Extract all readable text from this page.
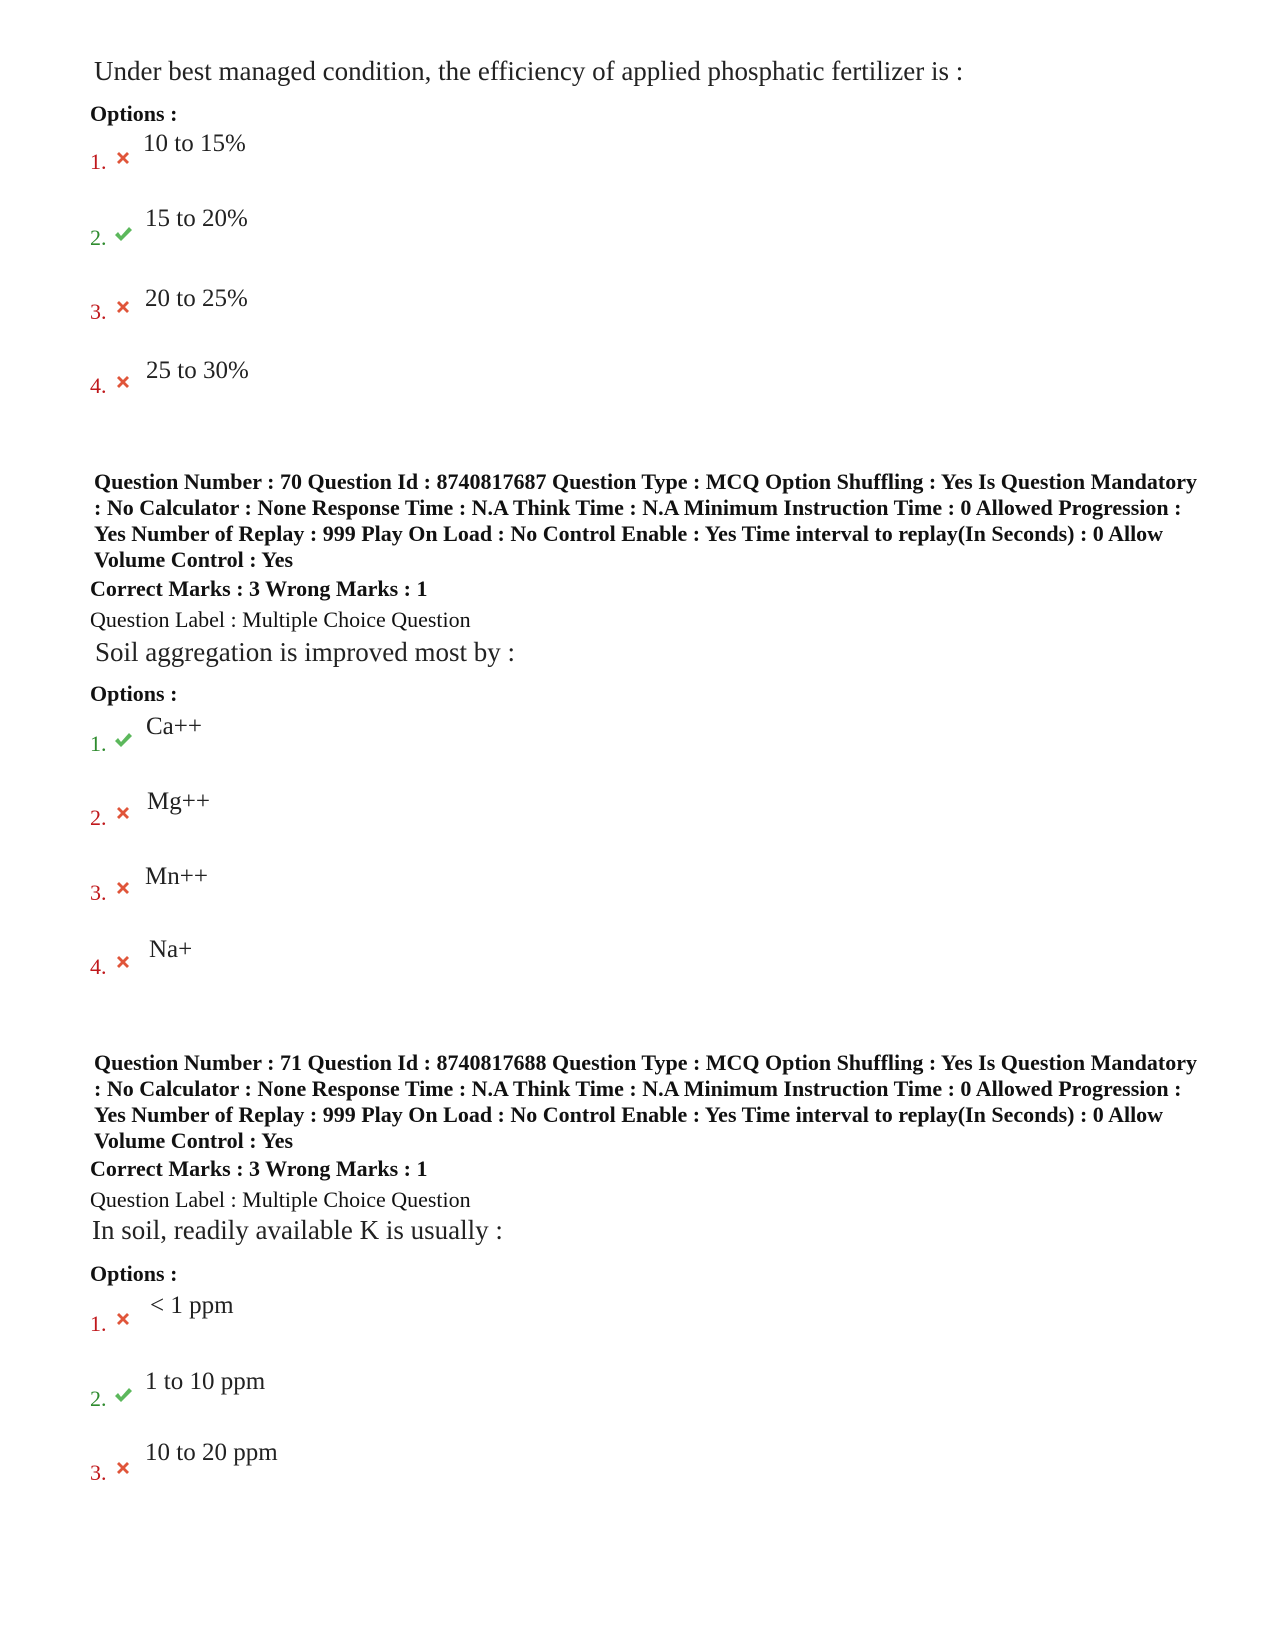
Under best managed condition, the efficiency of applied phosphatic fertilizer is :
Options :
1.
10 to 15%
2.
15 to 20%
3. 20 to 25%
4.
25 to 30%
Question Number : 70 Question Id : 8740817687 Question Type : MCQ Option Shuffling : Yes Is Question Mandatory : No Calculator : None Response Time : N.A Think Time : N.A Minimum Instruction Time : 0 Allowed Progression : Yes Number of Replay : 999 Play On Load : No Control Enable : Yes Time interval to replay(In Seconds) : 0 Allow Volume Control : Yes
Correct Marks : 3 Wrong Marks : 1
Question Label : Multiple Choice Question
Soil aggregation is improved most by :
Options :
1.
Ca++
2.
Mg++
3.
Mn++
4.
Na+
Question Number : 71 Question Id : 8740817688 Question Type : MCQ Option Shuffling : Yes Is Question Mandatory : No Calculator : None Response Time : N.A Think Time : N.A Minimum Instruction Time : 0 Allowed Progression : Yes Number of Replay : 999 Play On Load : No Control Enable : Yes Time interval to replay(In Seconds) : 0 Allow Volume Control : Yes
Correct Marks : 3 Wrong Marks : 1
Question Label : Multiple Choice Question
In soil, readily available K is usually :
Options :
1.
< 1 ppm
2.
1 to 10 ppm
3.
10 to 20 ppm
